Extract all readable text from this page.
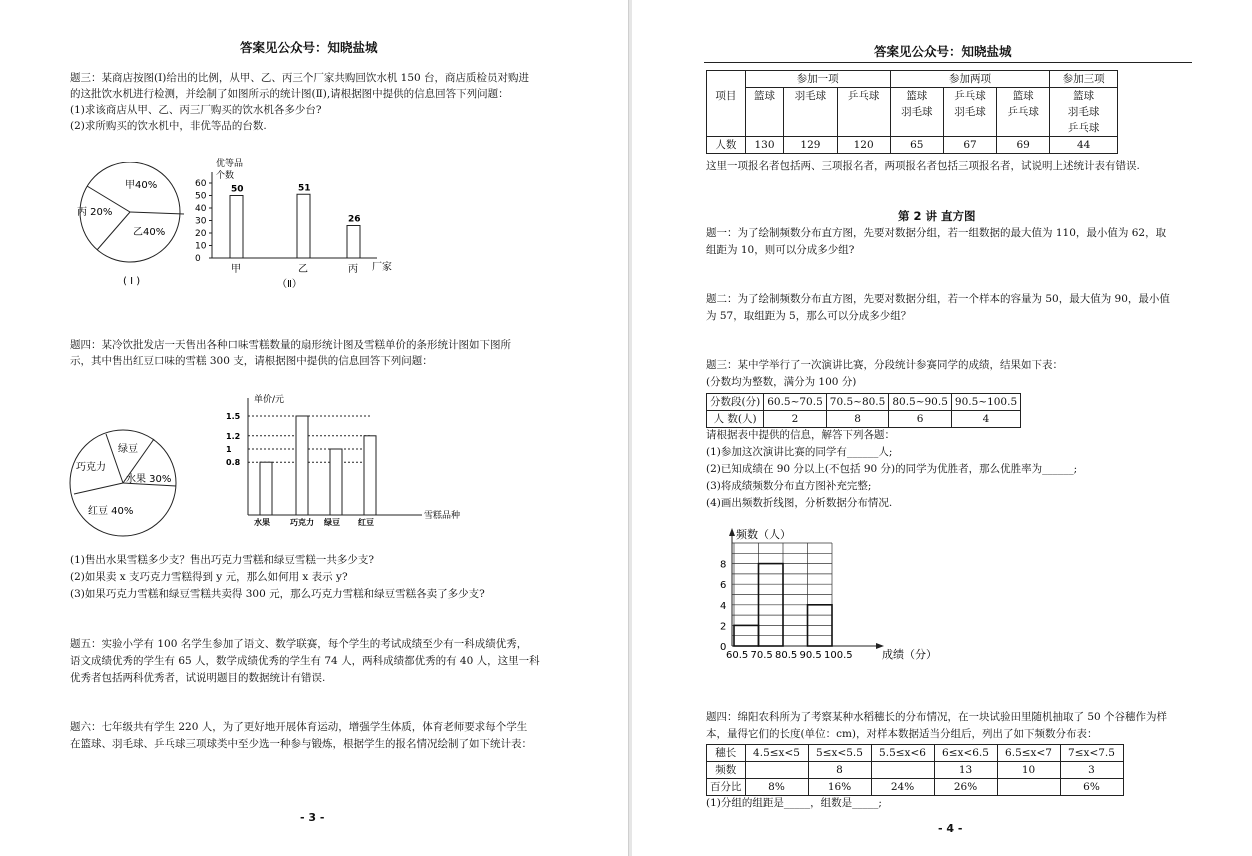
答案见公众号：知晓盐城
题三：某商店按图(Ⅰ)给出的比例，从甲、乙、丙三个厂家共购回饮水机 150 台，商店质检员对购进
的这批饮水机进行检测，并绘制了如图所示的统计图(Ⅱ),请根据图中提供的信息回答下列问题：
(1)求该商店从甲、乙、丙三厂购买的饮水机各多少台?
(2)求所购买的饮水机中，非优等品的台数.
甲40%
乙40%
丙 20%
( Ⅰ )
优等品
个数
60
50
40
30
20
10
0
50
甲
51
乙
26
丙 厂家
（Ⅱ）
题四：某冷饮批发店一天售出各种口味雪糕数量的扇形统计图及雪糕单价的条形统计图如下图所
示，其中售出红豆口味的雪糕 300 支，请根据图中提供的信息回答下列问题：
绿豆
巧克力
水果 30%
红豆 40%
单价/元
1.5
1.2
1
0.8
水果	巧克力 绿豆 红豆
雪糕品种
(1)售出水果雪糕多少支？售出巧克力雪糕和绿豆雪糕一共多少支?
(2)如果卖 x 支巧克力雪糕得到 y 元，那么如何用 x 表示 y?
(3)如果巧克力雪糕和绿豆雪糕共卖得 300 元，那么巧克力雪糕和绿豆雪糕各卖了多少支?
题五：实验小学有 100 名学生参加了语文、数学联赛，每个学生的考试成绩至少有一科成绩优秀，
语文成绩优秀的学生有 65 人，数学成绩优秀的学生有 74 人，两科成绩都优秀的有 40 人，这里一科
优秀者包括两科优秀者，试说明题目的数据统计有错误.
题六：七年级共有学生 220 人，为了更好地开展体育运动，增强学生体质，体育老师要求每个学生
在篮球、羽毛球、乒乓球三项球类中至少选一种参与锻炼，根据学生的报名情况绘制了如下统计表：
- 3 -
答案见公众号：知晓盐城
	参加一项			参加两项			参加三项
项目	篮球	羽毛球	乒乓球	篮球	乒乓球	篮球	篮球
				羽毛球	羽毛球	乒乓球	羽毛球
							乒乓球
人数	130	129	120	65	67	69	44
这里一项报名者包括两、三项报名者，两项报名者包括三项报名者，试说明上述统计表有错误.
第 2 讲 直方图
题一：为了绘制频数分布直方图，先要对数据分组，若一组数据的最大值为 110，最小值为 62，取
组距为 10，则可以分成多少组?
题二：为了绘制频数分布直方图，先要对数据分组，若一个样本的容量为 50，最大值为 90，最小值
为 57，取组距为 5，那么可以分成多少组？
题三：某中学举行了一次演讲比赛，分段统计参赛同学的成绩，结果如下表：
(分数均为整数，满分为 100 分)
分数段(分)	60.5~70.5	70.5~80.5	80.5~90.5	90.5~100.5
人 数(人)	2	8	6	4
请根据表中提供的信息，解答下列各题：
(1)参加这次演讲比赛的同学有______人;
(2)已知成绩在 90 分以上(不包括 90 分)的同学为优胜者，那么优胜率为______;
(3)将成绩频数分布直方图补充完整;
(4)画出频数折线图，分析数据分布情况.
频数（人）
8
6
4
2
0
60.5 70.5 80.5 90.5 100.5	成绩（分）
题四：绵阳农科所为了考察某种水稻穗长的分布情况，在一块试验田里随机抽取了 50 个谷穗作为样
本，量得它们的长度(单位：cm)，对样本数据适当分组后，列出了如下频数分布表：
穗长	4.5≤x<5	5≤x<5.5	5.5≤x<6	6≤x<6.5	6.5≤x<7	7≤x<7.5
频数		8		13	10	3
百分比	8%	16%	24%	26%		6%
(1)分组的组距是_____，组数是_____;
- 4 -
